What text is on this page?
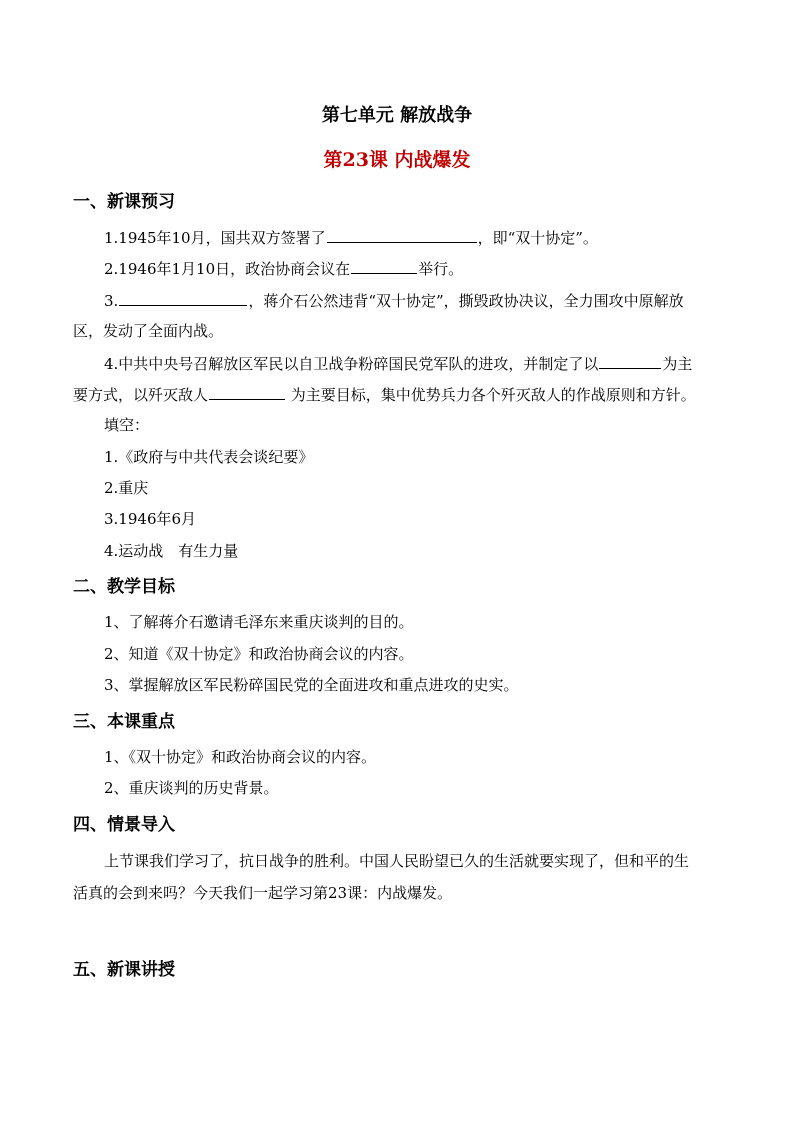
第七单元 解放战争
第23课 内战爆发
一、新课预习
1.1945年10月，国共双方签署了	，即“双十协定”。
2.1946年1月10日，政治协商会议在	举行。
3.	，蒋介石公然违背“双十协定”，撕毁政协决议，全力围攻中原解放
区，发动了全面内战。
4.中共中央号召解放区军民以自卫战争粉碎国民党军队的进攻，并制定了以	为主
要方式，以歼灭敌人	为主要目标，集中优势兵力各个歼灭敌人的作战原则和方针。
填空：
1.《政府与中共代表会谈纪要》
2.重庆
3.1946年6月
4.运动战　有生力量
二、教学目标
1、了解蒋介石邀请毛泽东来重庆谈判的目的。
2、知道《双十协定》和政治协商会议的内容。
3、掌握解放区军民粉碎国民党的全面进攻和重点进攻的史实。
三、本课重点
1、《双十协定》和政治协商会议的内容。
2、重庆谈判的历史背景。
四、情景导入
上节课我们学习了，抗日战争的胜利。中国人民盼望已久的生活就要实现了，但和平的生
活真的会到来吗？今天我们一起学习第23课：内战爆发。
五、新课讲授
